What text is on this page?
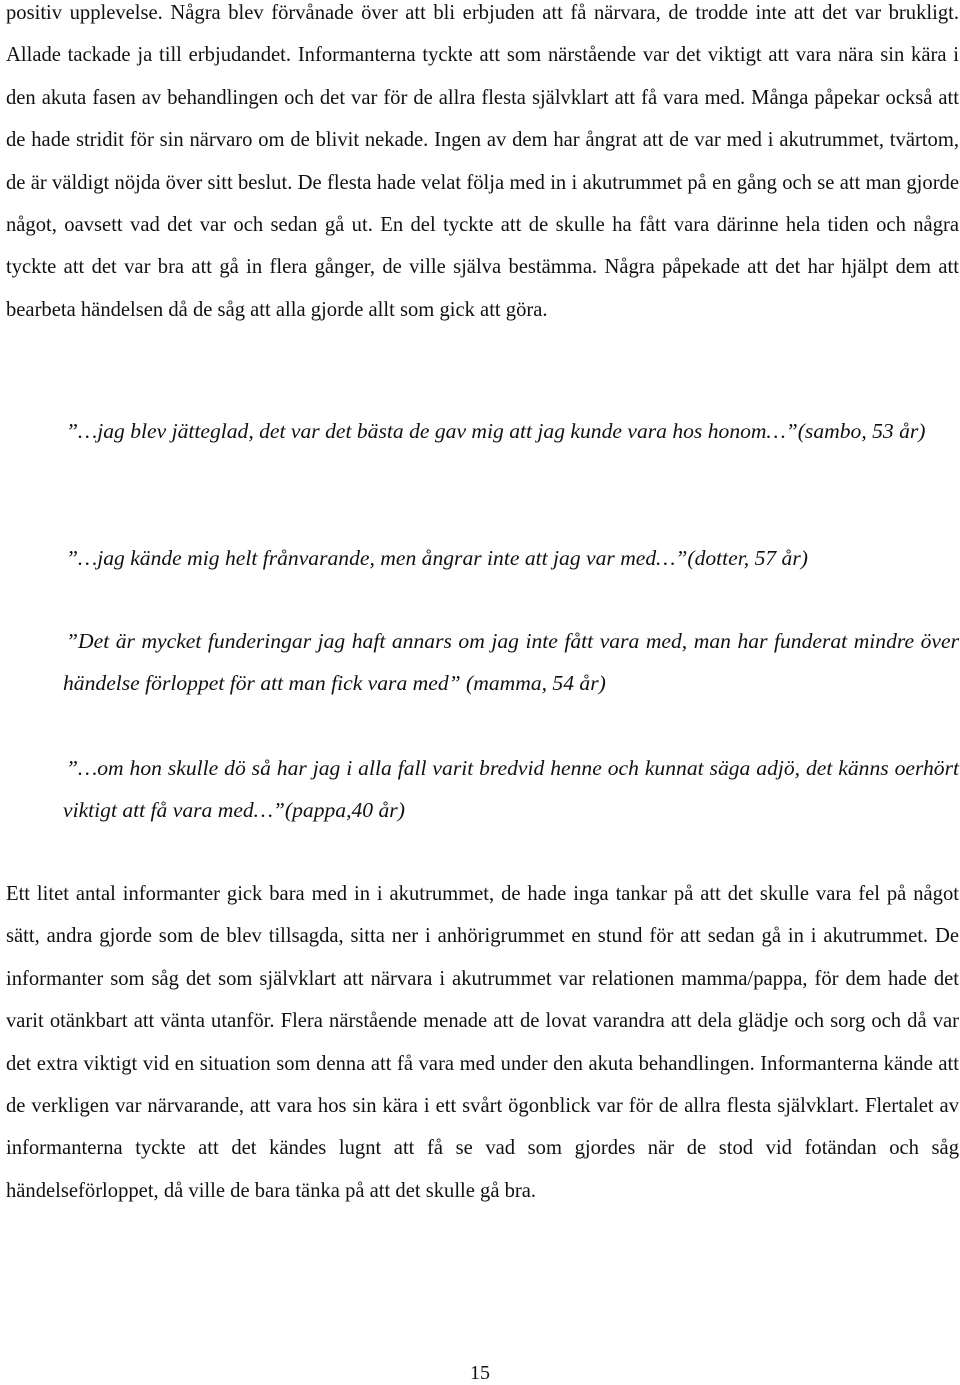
positiv upplevelse. Några blev förvånade över att bli erbjuden att få närvara, de trodde inte att det var brukligt. Allade tackade ja till erbjudandet. Informanterna tyckte att som närstående var det viktigt att vara nära sin kära i den akuta fasen av behandlingen och det var för de allra flesta självklart att få vara med. Många påpekar också att de hade stridit för sin närvaro om de blivit nekade. Ingen av dem har ångrat att de var med i akutrummet, tvärtom, de är väldigt nöjda över sitt beslut. De flesta hade velat följa med in i akutrummet på en gång och se att man gjorde något, oavsett vad det var och sedan gå ut. En del tyckte att de skulle ha fått vara därinne hela tiden och några tyckte att det var bra att gå in flera gånger, de ville själva bestämma. Några påpekade att det har hjälpt dem att bearbeta händelsen då de såg att alla gjorde allt som gick att göra.

”…jag blev jätteglad, det var det bästa de gav mig att jag kunde vara hos honom…”(sambo, 53 år)

”…jag kände mig helt frånvarande, men ångrar inte att jag var med…”(dotter, 57 år)

”Det är mycket funderingar jag haft annars om jag inte fått vara med, man har funderat mindre över händelse förloppet för att man fick vara med” (mamma, 54 år)

”…om hon skulle dö så har jag i alla fall varit bredvid henne och kunnat säga adjö, det känns oerhört viktigt att få vara med…”(pappa,40 år)

Ett litet antal informanter gick bara med in i akutrummet, de hade inga tankar på att det skulle vara fel på något sätt, andra gjorde som de blev tillsagda, sitta ner i anhörigrummet en stund för att sedan gå in i akutrummet. De informanter som såg det som självklart att närvara i akutrummet var relationen mamma/pappa, för dem hade det varit otänkbart att vänta utanför. Flera närstående menade att de lovat varandra att dela glädje och sorg och då var det extra viktigt vid en situation som denna att få vara med under den akuta behandlingen. Informanterna kände att de verkligen var närvarande, att vara hos sin kära i ett svårt ögonblick var för de allra flesta självklart. Flertalet av informanterna tyckte att det kändes lugnt att få se vad som gjordes när de stod vid fotändan och såg händelseförloppet, då ville de bara tänka på att det skulle gå bra.

15
